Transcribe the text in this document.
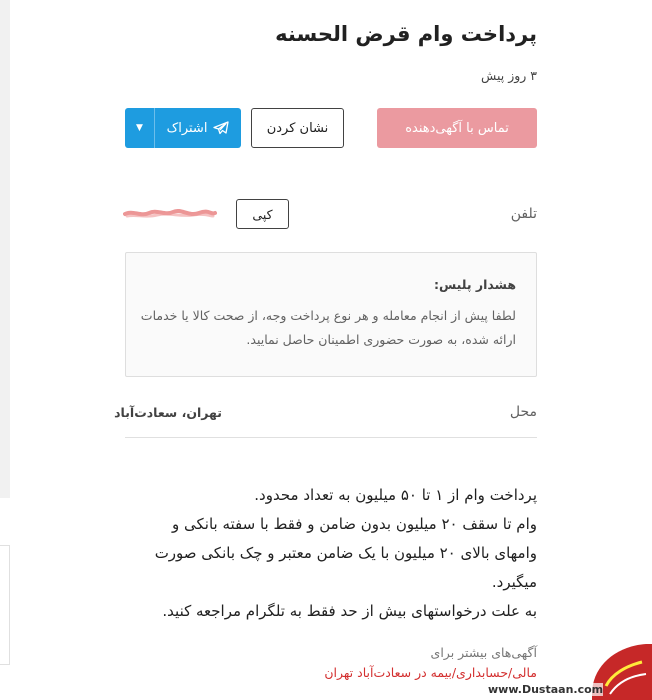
پرداخت وام قرض الحسنه
۳ روز پیش
تماس با آگهی‌دهنده
نشان کردن
اشتراک
▼
تلفن
کپی
هشدار پلیس:
لطفا پیش از انجام معامله و هر نوع پرداخت وجه، از صحت کالا یا خدمات ارائه شده، به صورت حضوری اطمینان حاصل نمایید.
محل
تهران، سعادت‌آباد

پرداخت وام از ۱ تا ۵۰ میلیون به تعداد محدود.

وام تا سقف ۲۰ میلیون بدون ضامن و فقط با سفته بانکی و وامهای بالای ۲۰ میلیون با یک ضامن معتبر و چک بانکی صورت میگیرد.

به علت درخواستهای بیش از حد فقط به تلگرام مراجعه کنید.

آگهی‌های بیشتر برای
مالی/حسابداری/بیمه در سعادت‌آباد تهران
www.Dustaan.com
